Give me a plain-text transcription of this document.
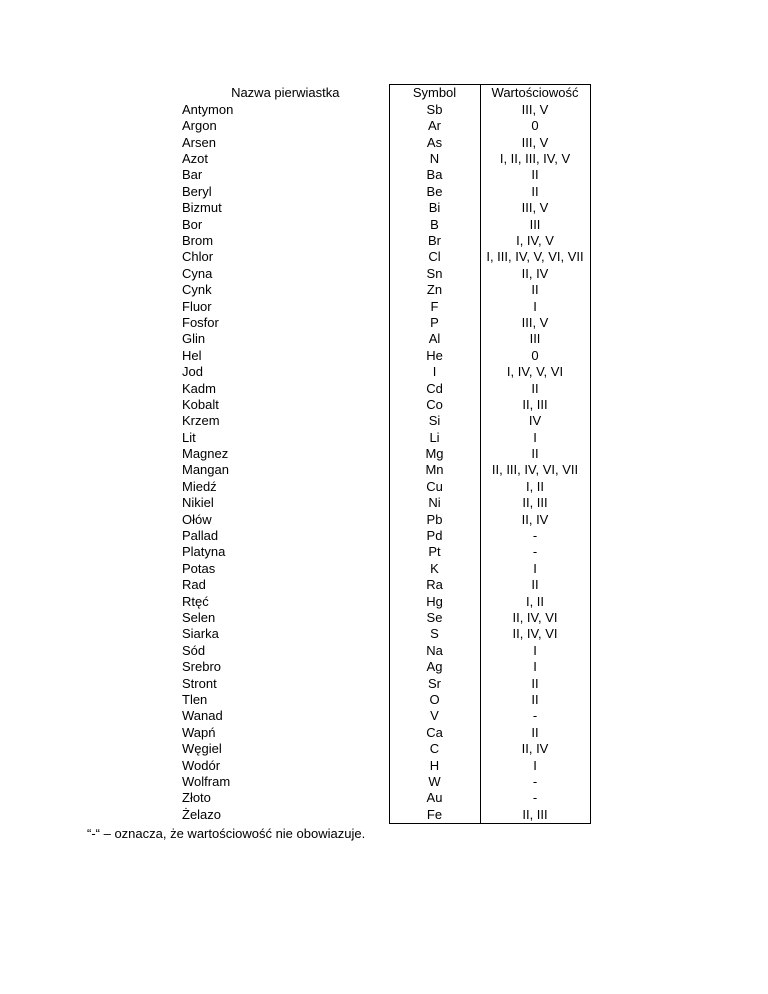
Nazwa pierwiastka	Symbol	Wartościowość
Antymon	Sb	III, V
Argon	Ar	0
Arsen	As	III, V
Azot	N	I, II, III, IV, V
Bar	Ba	II
Beryl	Be	II
Bizmut	Bi	III, V
Bor	B	III
Brom	Br	I, IV, V
Chlor	Cl	I, III, IV, V, VI, VII
Cyna	Sn	II, IV
Cynk	Zn	II
Fluor	F	I
Fosfor	P	III, V
Glin	Al	III
Hel	He	0
Jod	I	I, IV, V, VI
Kadm	Cd	II
Kobalt	Co	II, III
Krzem	Si	IV
Lit	Li	I
Magnez	Mg	II
Mangan	Mn	II, III, IV, VI, VII
Miedź	Cu	I, II
Nikiel	Ni	II, III
Ołów	Pb	II, IV
Pallad	Pd	-
Platyna	Pt	-
Potas	K	I
Rad	Ra	II
Rtęć	Hg	I, II
Selen	Se	II, IV, VI
Siarka	S	II, IV, VI
Sód	Na	I
Srebro	Ag	I
Stront	Sr	II
Tlen	O	II
Wanad	V	-
Wapń	Ca	II
Węgiel	C	II, IV
Wodór	H	I
Wolfram	W	-
Złoto	Au	-
Żelazo	Fe	II, III
“-“ – oznacza, że wartościowość nie obowiazuje.
